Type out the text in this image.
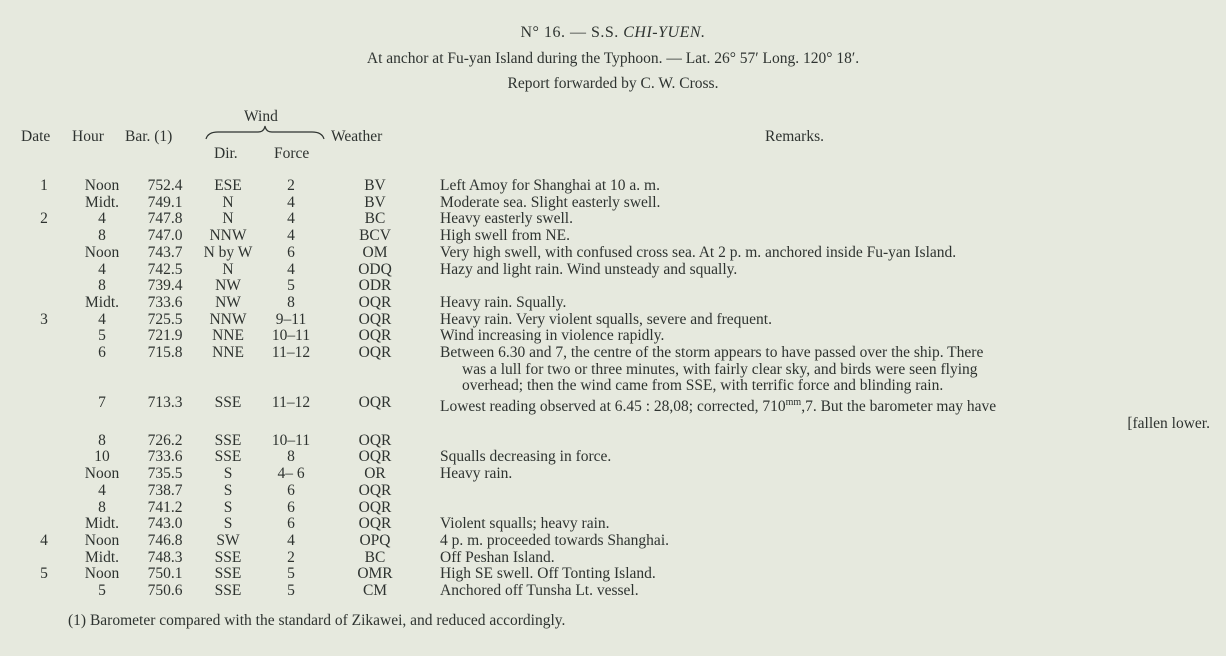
N° 16. — S.S. CHI-YUEN.
At anchor at Fu-yan Island during the Typhoon. — Lat. 26° 57′ Long. 120° 18′.
Report forwarded by C. W. Cross.
Date Hour Bar. (1)
Wind
Dir. Force
Weather	Remarks.
1	Noon	752.4	ESE	2	BV		Left Amoy for Shanghai at 10 a. m.

	Midt.	749.1	N	4	BV		Moderate sea. Slight easterly swell.

2	4	747.8	N	4	BC		Heavy easterly swell.

	8	747.0	NNW	4	BCV		High swell from NE.

	Noon	743.7	N by W	6	OM		Very high swell, with confused cross sea. At 2 p. m. anchored inside Fu-yan Island.

	4	742.5	N	4	ODQ		Hazy and light rain. Wind unsteady and squally.

	8	739.4	NW	5	ODR		

	Midt.	733.6	NW	8	OQR		Heavy rain. Squally.

3	4	725.5	NNW	9–11	OQR		Heavy rain. Very violent squalls, severe and frequent.

	5	721.9	NNE	10–11	OQR		Wind increasing in violence rapidly.

	6	715.8	NNE	11–12	OQR		Between 6.30 and 7, the centre of the storm appears to have passed over the ship. There
was a lull for two or three minutes, with fairly clear sky, and birds were seen flying
overhead; then the wind came from SSE, with terrific force and blinding rain.

	7	713.3	SSE	11–12	OQR		Lowest reading observed at 6.45 : 28,08; corrected, $710^{mm},7$. But the barometer may have
[fallen lower.

	8	726.2	SSE	10–11	OQR		

	10	733.6	SSE	8	OQR		Squalls decreasing in force.

	Noon	735.5	S	4– 6	OR		Heavy rain.

	4	738.7	S	6	OQR		

	8	741.2	S	6	OQR		

	Midt.	743.0	S	6	OQR		Violent squalls; heavy rain.

4	Noon	746.8	SW	4	OPQ		4 p. m. proceeded towards Shanghai.

	Midt.	748.3	SSE	2	BC		Off Peshan Island.

5	Noon	750.1	SSE	5	OMR		High SE swell. Off Tonting Island.

	5	750.6	SSE	5	CM		Anchored off Tunsha Lt. vessel.
(1) Barometer compared with the standard of Zikawei, and reduced accordingly.
